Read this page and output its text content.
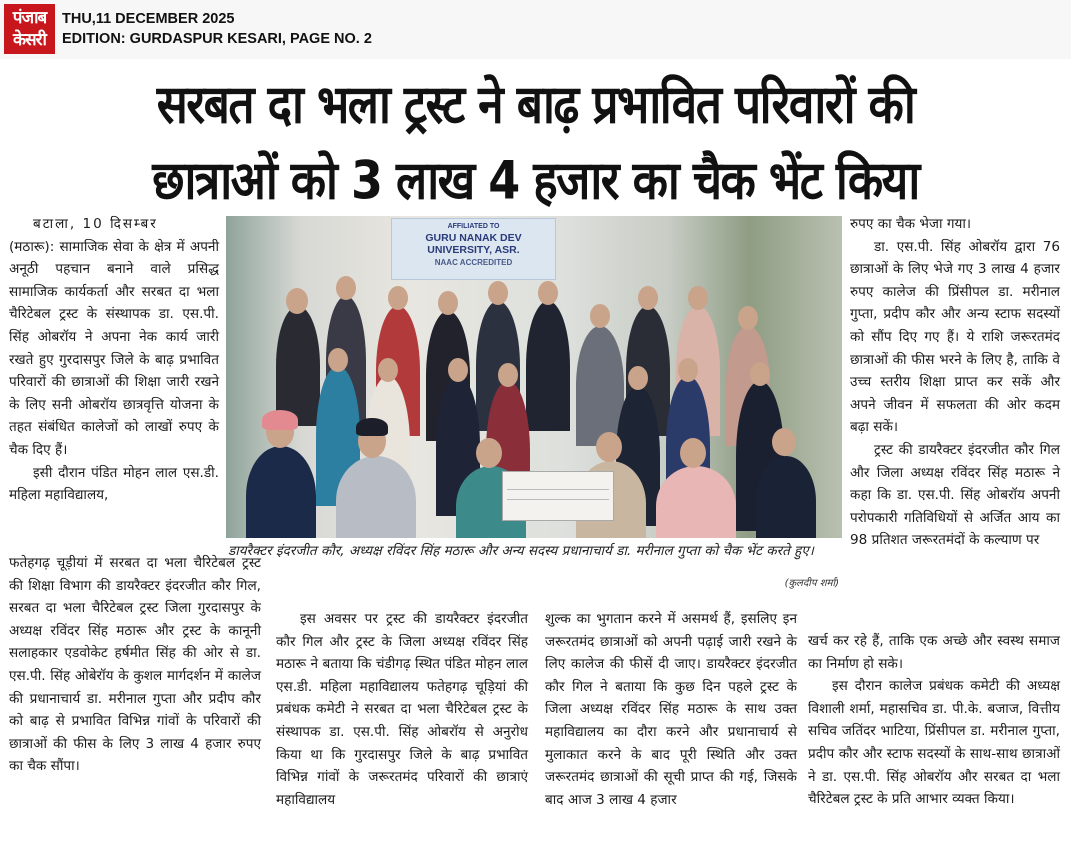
पंजाब
केसरी
THU,11 DECEMBER 2025
EDITION: GURDASPUR KESARI, PAGE NO. 2
सरबत दा भला ट्रस्ट ने बाढ़ प्रभावित परिवारों की
छात्राओं को 3 लाख 4 हजार का चैक भेंट किया

बटाला, 10 दिसम्बर

(मठारू): सामाजिक सेवा के क्षेत्र में अपनी अनूठी पहचान बनाने वाले प्रसिद्ध सामाजिक कार्यकर्ता और सरबत दा भला चैरिटेबल ट्रस्ट के संस्थापक डा. एस.पी. सिंह ओबरॉय ने अपना नेक कार्य जारी रखते हुए गुरदासपुर जिले के बाढ़ प्रभावित परिवारों की छात्राओं की शिक्षा जारी रखने के लिए सनी ओबरॉय छात्रवृत्ति योजना के तहत संबंधित कालेजों को लाखों रुपए के चैक दिए हैं।

इसी दौरान पंडित मोहन लाल एस.डी. महिला महाविद्यालय,

फतेहगढ़ चूड़ीयां में सरबत दा भला चैरिटेबल ट्रस्ट की शिक्षा विभाग की डायरैक्टर इंदरजीत कौर गिल, सरबत दा भला चैरिटेबल ट्रस्ट जिला गुरदासपुर के अध्यक्ष रविंदर सिंह मठारू और ट्रस्ट के कानूनी सलाहकार एडवोकेट हर्षमीत सिंह की ओर से डा. एस.पी. सिंह ओबेरॉय के कुशल मार्गदर्शन में कालेज की प्रधानाचार्य डा. मरीनाल गुप्ता और प्रदीप कौर को बाढ़ से प्रभावित विभिन्न गांवों के परिवारों की छात्राओं की फीस के लिए 3 लाख 4 हजार रुपए का चैक सौंपा।

AFFILIATED TO
GURU NANAK DEV UNIVERSITY, ASR.
NAAC ACCREDITED
डायरैक्टर इंदरजीत कौर, अध्यक्ष रविंदर सिंह मठारू और अन्य सदस्य प्रधानाचार्य डा. मरीनाल गुप्ता को चैक भेंट करते हुए।
(कुलदीप शर्मा)

इस अवसर पर ट्रस्ट की डायरैक्टर इंदरजीत कौर गिल और ट्रस्ट के जिला अध्यक्ष रविंदर सिंह मठारू ने बताया कि चंडीगढ़ स्थित पंडित मोहन लाल एस.डी. महिला महाविद्यालय फतेहगढ़ चूड़ियां की प्रबंधक कमेटी ने सरबत दा भला चैरिटेबल ट्रस्ट के संस्थापक डा. एस.पी. सिंह ओबरॉय से अनुरोध किया था कि गुरदासपुर जिले के बाढ़ प्रभावित विभिन्न गांवों के जरूरतमंद परिवारों की छात्राएं महाविद्यालय

शुल्क का भुगतान करने में असमर्थ हैं, इसलिए इन जरूरतमंद छात्राओं को अपनी पढ़ाई जारी रखने के लिए कालेज की फीसें दी जाए। डायरैक्टर इंदरजीत कौर गिल ने बताया कि कुछ दिन पहले ट्रस्ट के जिला अध्यक्ष रविंदर सिंह मठारू के साथ उक्त महाविद्यालय का दौरा करने और प्रधानाचार्य से मुलाकात करने के बाद पूरी स्थिति और उक्त जरूरतमंद छात्राओं की सूची प्राप्त की गई, जिसके बाद आज 3 लाख 4 हजार

रुपए का चैक भेजा गया।

डा. एस.पी. सिंह ओबरॉय द्वारा 76 छात्राओं के लिए भेजे गए 3 लाख 4 हजार रुपए कालेज की प्रिंसीपल डा. मरीनाल गुप्ता, प्रदीप कौर और अन्य स्टाफ सदस्यों को सौंप दिए गए हैं। ये राशि जरूरतमंद छात्राओं की फीस भरने के लिए है, ताकि वे उच्च स्तरीय शिक्षा प्राप्त कर सकें और अपने जीवन में सफलता की ओर कदम बढ़ा सकें।

ट्रस्ट की डायरैक्टर इंदरजीत कौर गिल और जिला अध्यक्ष रविंदर सिंह मठारू ने कहा कि डा. एस.पी. सिंह ओबरॉय अपनी परोपकारी गतिविधियों से अर्जित आय का 98 प्रतिशत जरूरतमंदों के कल्याण पर

खर्च कर रहे हैं, ताकि एक अच्छे और स्वस्थ समाज का निर्माण हो सके।

इस दौरान कालेज प्रबंधक कमेटी की अध्यक्ष विशाली शर्मा, महासचिव डा. पी.के. बजाज, वित्तीय सचिव जतिंदर भाटिया, प्रिंसीपल डा. मरीनाल गुप्ता, प्रदीप कौर और स्टाफ सदस्यों के साथ-साथ छात्राओं ने डा. एस.पी. सिंह ओबरॉय और सरबत दा भला चैरिटेबल ट्रस्ट के प्रति आभार व्यक्त किया।
